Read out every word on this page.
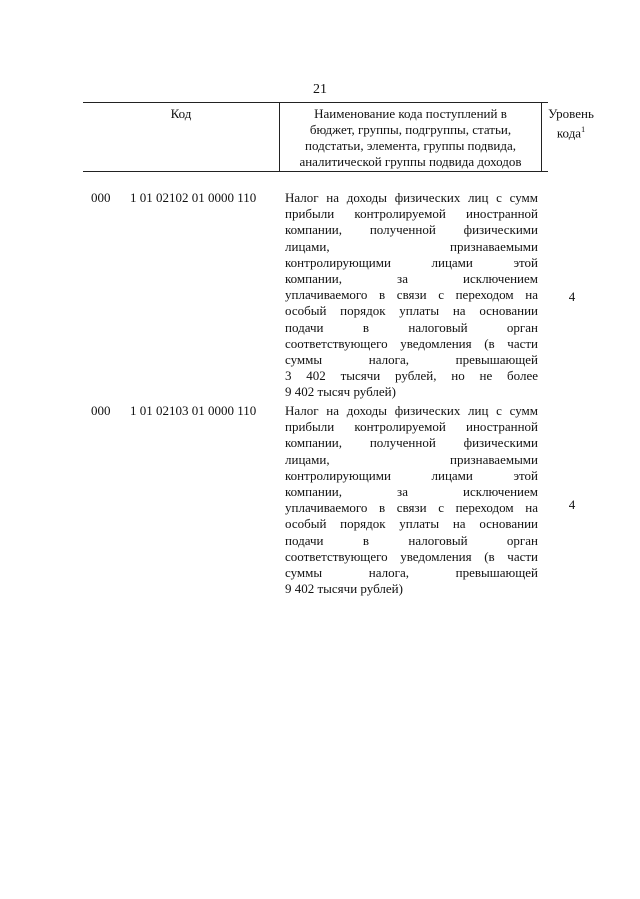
21
Код	Наименование кода поступлений в
бюджет, группы, подгруппы, статьи,
подстатьи, элемента, группы подвида,
аналитической группы подвида доходов
Уровень
кода$^1$
000 1 01 02102 01 0000 110 Налог на доходы физических лиц с сумм
прибыли контролируемой иностранной
компании, полученной физическими
лицами, признаваемыми
контролирующими лицами этой
компании, за исключением
уплачиваемого в связи с переходом на
особый порядок уплаты на основании
подачи в налоговый орган
соответствующего уведомления (в части
суммы налога, превышающей
3 402 тысячи рублей, но не более
9 402 тысяч рублей)
4
000 1 01 02103 01 0000 110 Налог на доходы физических лиц с сумм
прибыли контролируемой иностранной
компании, полученной физическими
лицами, признаваемыми
контролирующими лицами этой
компании, за исключением
уплачиваемого в связи с переходом на
особый порядок уплаты на основании
подачи в налоговый орган
соответствующего уведомления (в части
суммы налога, превышающей
9 402 тысячи рублей)
4
